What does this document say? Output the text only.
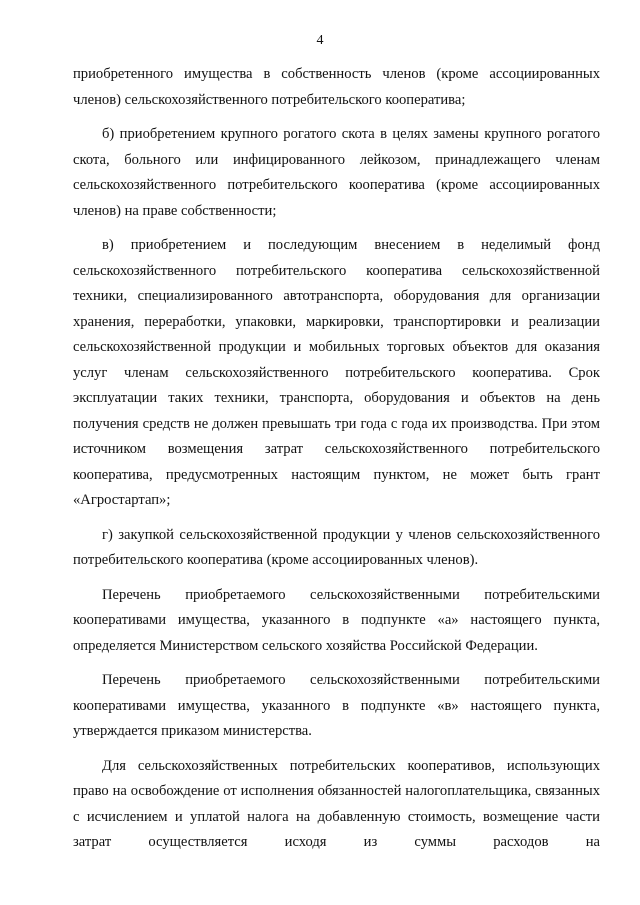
4

приобретенного имущества в собственность членов (кроме ассоциированных членов) сельскохозяйственного потребительского кооператива;

б) приобретением крупного рогатого скота в целях замены крупного рогатого скота, больного или инфицированного лейкозом, принадлежащего членам сельскохозяйственного потребительского кооператива (кроме ассоциированных членов) на праве собственности;

в) приобретением и последующим внесением в неделимый фонд сельскохозяйственного потребительского кооператива сельскохозяйственной техники, специализированного автотранспорта, оборудования для организации хранения, переработки, упаковки, маркировки, транспортировки и реализации сельскохозяйственной продукции и мобильных торговых объектов для оказания услуг членам сельскохозяйственного потребительского кооператива. Срок эксплуатации таких техники, транспорта, оборудования и объектов на день получения средств не должен превышать три года с года их производства. При этом источником возмещения затрат сельскохозяйственного потребительского кооператива, предусмотренных настоящим пунктом, не может быть грант «Агростартап»;

г) закупкой сельскохозяйственной продукции у членов сельскохозяйственного потребительского кооператива (кроме ассоциированных членов).

Перечень приобретаемого сельскохозяйственными потребительскими кооперативами имущества, указанного в подпункте «а» настоящего пункта, определяется Министерством сельского хозяйства Российской Федерации.

Перечень приобретаемого сельскохозяйственными потребительскими кооперативами имущества, указанного в подпункте «в» настоящего пункта, утверждается приказом министерства.

Для сельскохозяйственных потребительских кооперативов, использующих право на освобождение от исполнения обязанностей налогоплательщика, связанных с исчислением и уплатой налога на добавленную стоимость, возмещение части затрат осуществляется исходя из суммы расходов на
